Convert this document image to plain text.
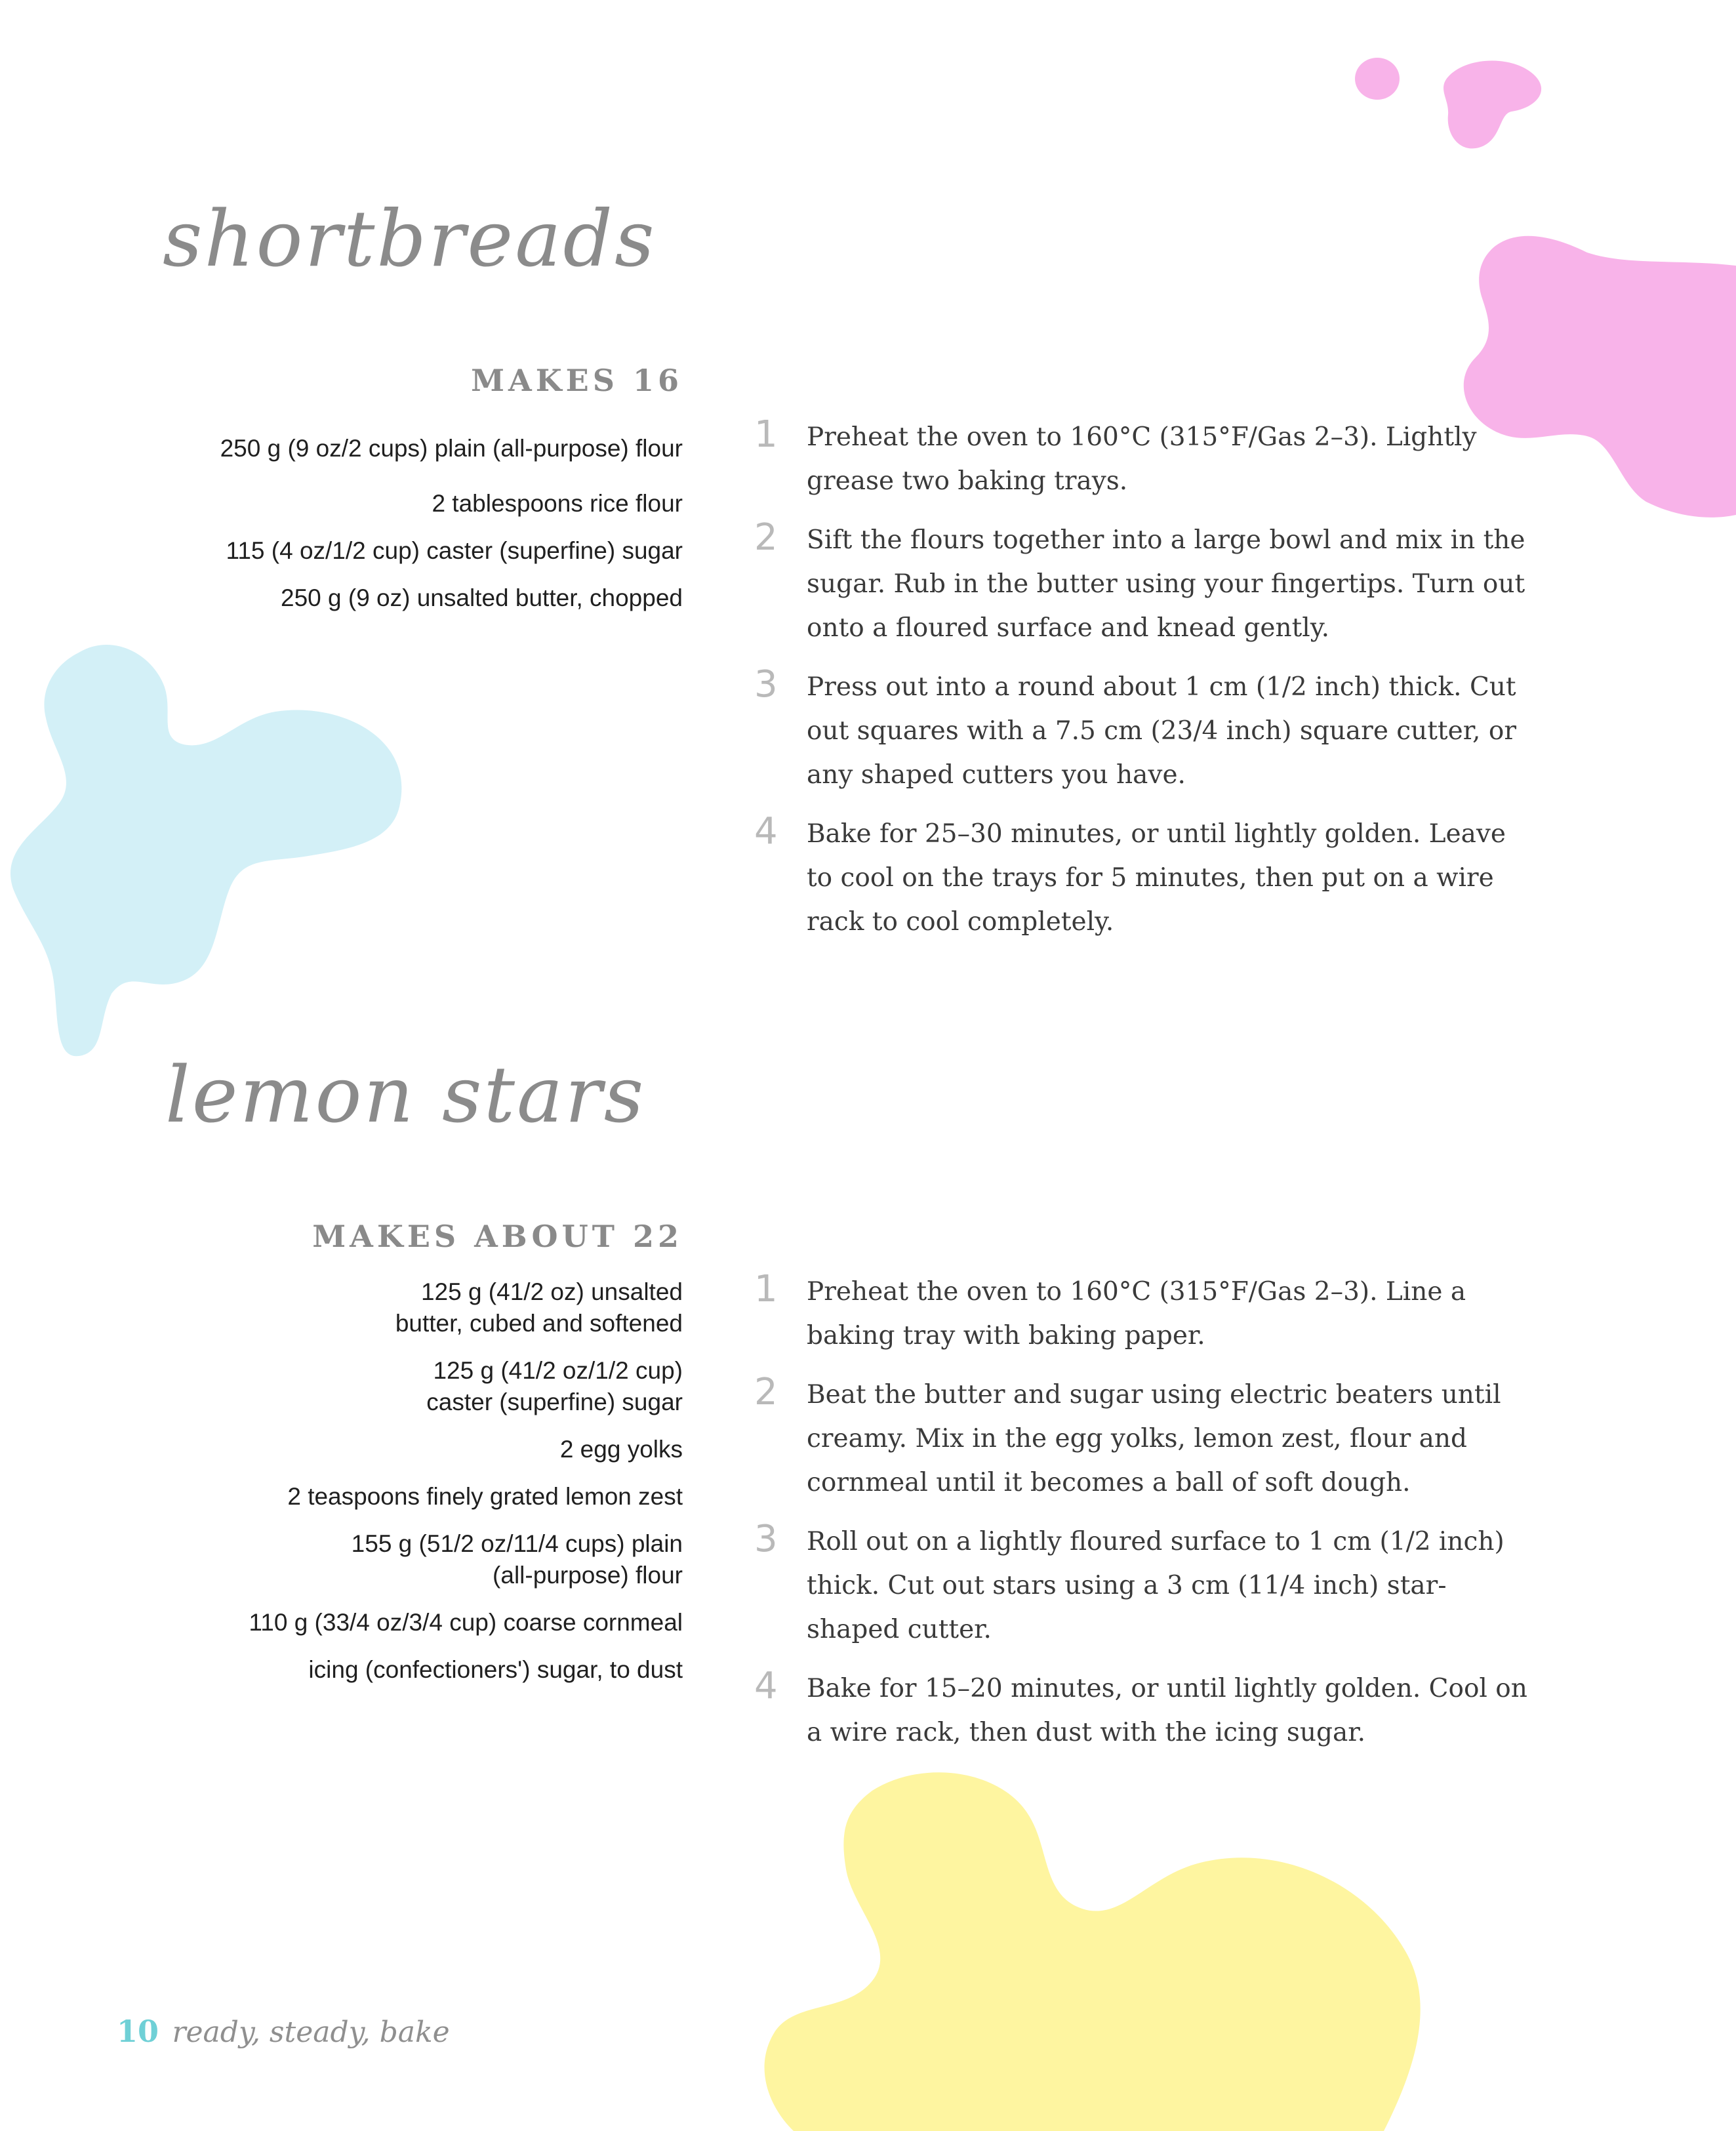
shortbreads
MAKES 16
250 g (9 oz/2 cups) plain (all-purpose) flour
2 tablespoons rice flour
115 (4 oz/1/2 cup) caster (superfine) sugar
250 g (9 oz) unsalted butter, chopped
1 Preheat the oven to 160°C (315°F/Gas 2–3). Lightly grease two baking trays.
2 Sift the flours together into a large bowl and mix in the sugar. Rub in the butter using your fingertips. Turn out onto a floured surface and knead gently.
3 Press out into a round about 1 cm (1/2 inch) thick. Cut out squares with a 7.5 cm (23/4 inch) square cutter, or any shaped cutters you have.
4 Bake for 25–30 minutes, or until lightly golden. Leave to cool on the trays for 5 minutes, then put on a wire rack to cool completely.
lemon stars
MAKES ABOUT 22
125 g (41/2 oz) unsalted butter, cubed and softened
125 g (41/2 oz/1/2 cup) caster (superfine) sugar
2 egg yolks
2 teaspoons finely grated lemon zest
155 g (51/2 oz/11/4 cups) plain (all-purpose) flour
110 g (33/4 oz/3/4 cup) coarse cornmeal
icing (confectioners') sugar, to dust
1 Preheat the oven to 160°C (315°F/Gas 2–3). Line a baking tray with baking paper.
2 Beat the butter and sugar using electric beaters until creamy. Mix in the egg yolks, lemon zest, flour and cornmeal until it becomes a ball of soft dough.
3 Roll out on a lightly floured surface to 1 cm (1/2 inch) thick. Cut out stars using a 3 cm (11/4 inch) star-shaped cutter.
4 Bake for 15–20 minutes, or until lightly golden. Cool on a wire rack, then dust with the icing sugar.
10 ready, steady, bake
